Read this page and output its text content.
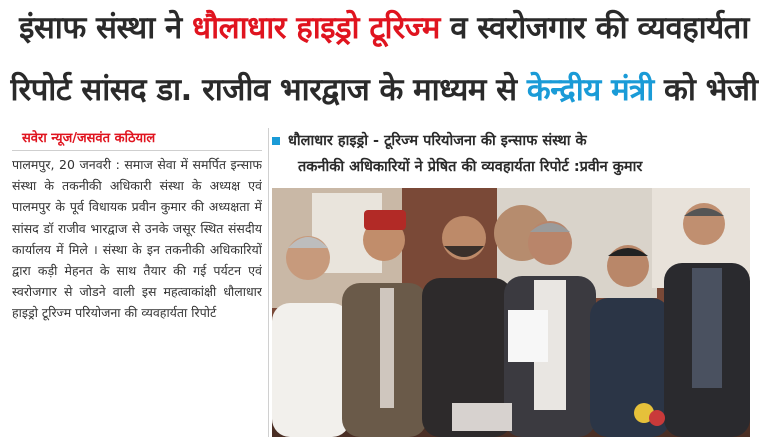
इंसाफ संस्था ने धौलाधार हाइड्रो टूरिज्म व स्वरोजगार की व्यवहार्यता
रिपोर्ट सांसद डा. राजीव भारद्वाज के माध्यम से केन्द्रीय मंत्री को भेजी
सवेरा न्यूज/जसवंत कठियाल
पालमपुर, 20 जनवरी : समाज सेवा में समर्पित इन्साफ संस्था के तकनीकी अधिकारी संस्था के अध्यक्ष एवं पालमपुर के पूर्व विधायक प्रवीन कुमार की अध्यक्षता में सांसद डॉ राजीव भारद्वाज से उनके जसूर स्थित संसदीय कार्यालय में मिले । संस्था के इन तकनीकी अधिकारियों द्वारा कड़ी मेहनत के साथ तैयार की गई पर्यटन एवं स्वरोजगार से जोडने वाली इस महत्वाकांक्षी धौलाधार हाइड्रो टूरिज्म परियोजना की व्यवहार्यता रिपोर्ट
धौलाधार हाइड्रो - टूरिज्म परियोजना की इन्साफ संस्था के
तकनीकी अधिकारियों ने प्रेषित की व्यवहार्यता रिपोर्ट :प्रवीन कुमार
